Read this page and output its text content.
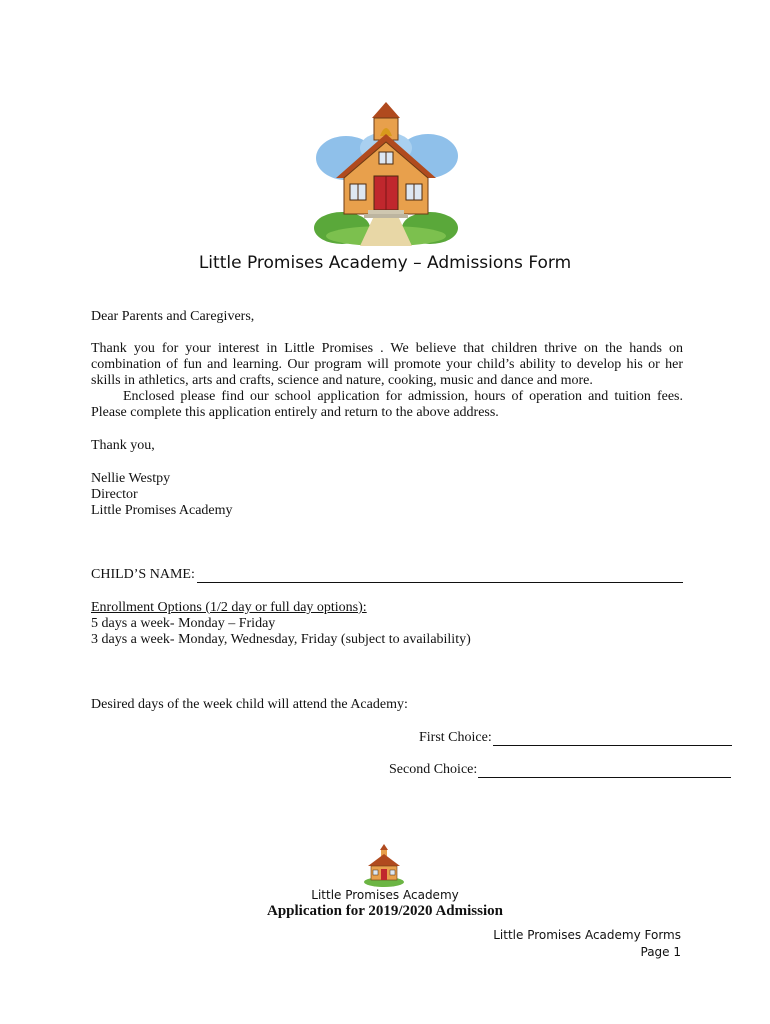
Little Promises Academy – Admissions Form
Dear Parents and Caregivers,

Thank you for your interest in Little Promises . We believe that children thrive on the hands on combination of fun and learning. Our program will promote your child’s ability to develop his or her skills in athletics, arts and crafts, science and nature, cooking, music and dance and more.

Enclosed please find our school application for admission, hours of operation and tuition fees. Please complete this application entirely and return to the above address.

Thank you,
Nellie Westpy
Director
Little Promises Academy
CHILD’S NAME:
Enrollment Options (1/2 day or full day options):
5 days a week- Monday – Friday
3 days a week- Monday, Wednesday, Friday (subject to availability)
Desired days of the week child will attend the Academy:
First Choice:
Second Choice:
Little Promises Academy
Application for 2019/2020 Admission
Little Promises Academy Forms
Page 1
